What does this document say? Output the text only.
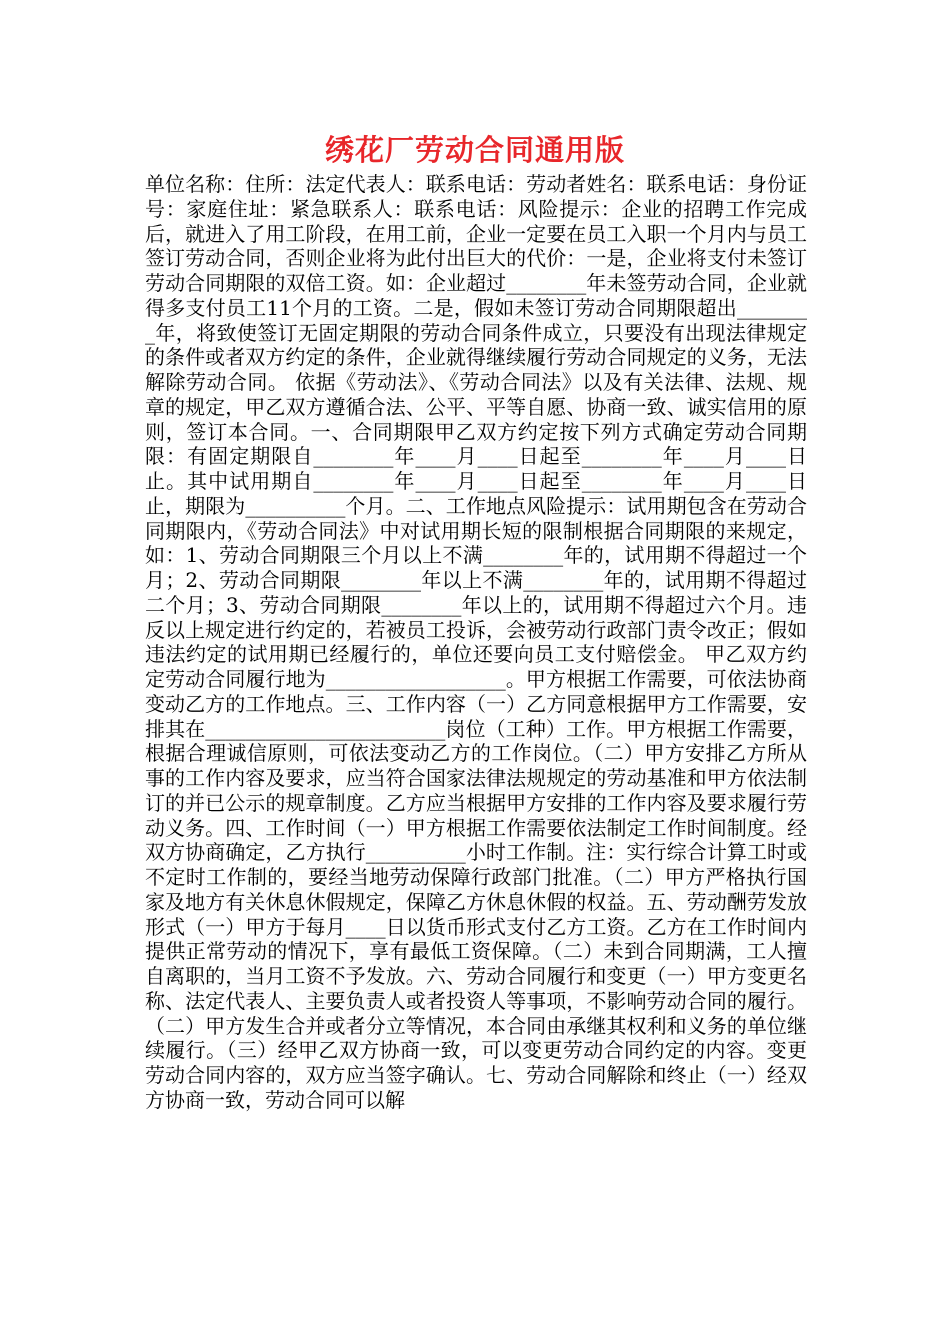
绣花厂劳动合同通用版

单位名称：住所：法定代表人：联系电话：劳动者姓名：联系电话：身份证号：家庭住址：紧急联系人：联系电话：风险提示：企业的招聘工作完成后，就进入了用工阶段，在用工前，企业一定要在员工入职一个月内与员工签订劳动合同，否则企业将为此付出巨大的代价：一是，企业将支付未签订劳动合同期限的双倍工资。如：企业超过________年未签劳动合同，企业就得多支付员工11个月的工资。二是，假如未签订劳动合同期限超出________年，将致使签订无固定期限的劳动合同条件成立，只要没有出现法律规定的条件或者双方约定的条件，企业就得继续履行劳动合同规定的义务，无法解除劳动合同。 依据《劳动法》、《劳动合同法》以及有关法律、法规、规章的规定，甲乙双方遵循合法、公平、平等自愿、协商一致、诚实信用的原则，签订本合同。一、合同期限甲乙双方约定按下列方式确定劳动合同期限：有固定期限自________年____月____日起至________年____月____日止。其中试用期自________年____月____日起至________年____月____日止，期限为__________个月。二、工作地点风险提示：试用期包含在劳动合同期限内，《劳动合同法》中对试用期长短的限制根据合同期限的来规定，如：1、劳动合同期限三个月以上不满________年的，试用期不得超过一个月；2、劳动合同期限________年以上不满________年的，试用期不得超过二个月；3、劳动合同期限________年以上的，试用期不得超过六个月。违反以上规定进行约定的，若被员工投诉，会被劳动行政部门责令改正；假如违法约定的试用期已经履行的，单位还要向员工支付赔偿金。 甲乙双方约定劳动合同履行地为__________________。甲方根据工作需要，可依法协商变动乙方的工作地点。三、工作内容（一）乙方同意根据甲方工作需要，安排其在________________________岗位（工种）工作。甲方根据工作需要，根据合理诚信原则，可依法变动乙方的工作岗位。（二）甲方安排乙方所从事的工作内容及要求，应当符合国家法律法规规定的劳动基准和甲方依法制订的并已公示的规章制度。乙方应当根据甲方安排的工作内容及要求履行劳动义务。四、工作时间（一）甲方根据工作需要依法制定工作时间制度。经双方协商确定，乙方执行__________小时工作制。注：实行综合计算工时或不定时工作制的，要经当地劳动保障行政部门批准。（二）甲方严格执行国家及地方有关休息休假规定，保障乙方休息休假的权益。五、劳动酬劳发放形式（一）甲方于每月____日以货币形式支付乙方工资。乙方在工作时间内提供正常劳动的情况下，享有最低工资保障。（二）未到合同期满，工人擅自离职的，当月工资不予发放。六、劳动合同履行和变更（一）甲方变更名称、法定代表人、主要负责人或者投资人等事项，不影响劳动合同的履行。（二）甲方发生合并或者分立等情况，本合同由承继其权利和义务的单位继续履行。（三）经甲乙双方协商一致，可以变更劳动合同约定的内容。变更劳动合同内容的，双方应当签字确认。七、劳动合同解除和终止（一）经双方协商一致，劳动合同可以解
